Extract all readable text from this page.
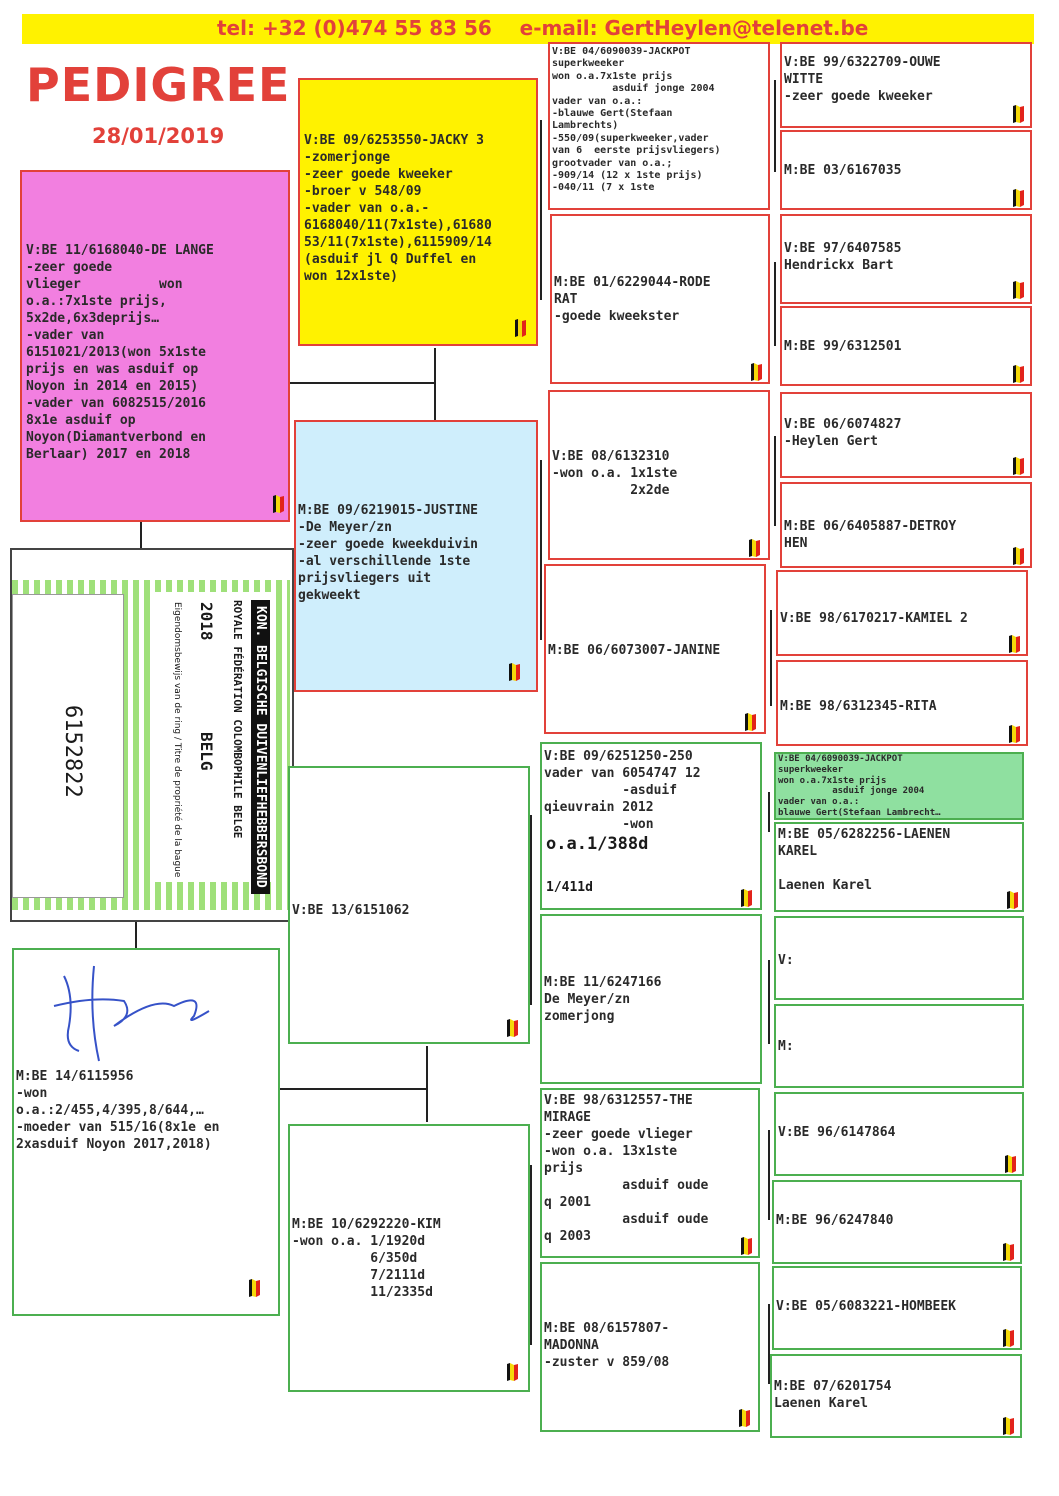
tel: +32 (0)474 55 83 56    e-mail: GertHeylen@telenet.be
PEDIGREE
28/01/2019
V:BE 11/6168040-DE LANGE
-zeer goede
vlieger          won
o.a.:7x1ste prijs,
5x2de,6x3deprijs…
-vader van
6151021/2013(won 5x1ste
prijs en was asduif op
Noyon in 2014 en 2015)
-vader van 6082515/2016
8x1e asduif op
Noyon(Diamantverbond en
Berlaar) 2017 en 2018
M:BE 14/6115956
-won
o.a.:2/455,4/395,8/644,…
-moeder van 515/16(8x1e en
2xasduif Noyon 2017,2018)
6152822	KON. BELGISCHE DUIVENLIEFHEBBERSBOND
ROYALE FÉDÉRATION COLOMBOPHILE BELGE
2018
BELG
Eigendomsbewijs van de ring / Titre de propriété de la bague
V:BE 09/6253550-JACKY 3
-zomerjonge
-zeer goede kweeker
-broer v 548/09
-vader van o.a.-
6168040/11(7x1ste),61680
53/11(7x1ste),6115909/14
(asduif jl Q Duffel en
won 12x1ste)
M:BE 09/6219015-JUSTINE
-De Meyer/zn
-zeer goede kweekduivin
-al verschillende 1ste
prijsvliegers uit
gekweekt
V:BE 13/6151062
M:BE 10/6292220-KIM
-won o.a. 1/1920d
6/350d
7/2111d
11/2335d
V:BE 04/6090039-JACKPOT
superkweeker
won o.a.7x1ste prijs
asduif jonge 2004
vader van o.a.:
-blauwe Gert(Stefaan
Lambrechts)
-550/09(superkweeker,vader
van 6  eerste prijsvliegers)
grootvader van o.a.;
-909/14 (12 x 1ste prijs)
-040/11 (7 x 1ste
M:BE 01/6229044-RODE
RAT
-goede kweekster
V:BE 08/6132310
-won o.a. 1x1ste
2x2de
M:BE 06/6073007-JANINE
V:BE 09/6251250-250
vader van 6054747 12
-asduif
qieuvrain 2012
-won
o.a.1/388d
1/411d
M:BE 11/6247166
De Meyer/zn
zomerjong
V:BE 98/6312557-THE
MIRAGE
-zeer goede vlieger
-won o.a. 13x1ste
prijs
asduif oude
q 2001
asduif oude
q 2003
M:BE 08/6157807-
MADONNA
-zuster v 859/08
V:BE 99/6322709-OUWE
WITTE
-zeer goede kweeker
M:BE 03/6167035
V:BE 97/6407585
Hendrickx Bart
M:BE 99/6312501
V:BE 06/6074827
-Heylen Gert
M:BE 06/6405887-DETROY
HEN
V:BE 98/6170217-KAMIEL 2
M:BE 98/6312345-RITA
V:BE 04/6090039-JACKPOT
superkweeker
won o.a.7x1ste prijs
asduif jonge 2004
vader van o.a.:
blauwe Gert(Stefaan Lambrecht…
M:BE 05/6282256-LAENEN
KAREL

Laenen Karel
V:
M:
V:BE 96/6147864
M:BE 96/6247840
V:BE 05/6083221-HOMBEEK
M:BE 07/6201754
Laenen Karel
